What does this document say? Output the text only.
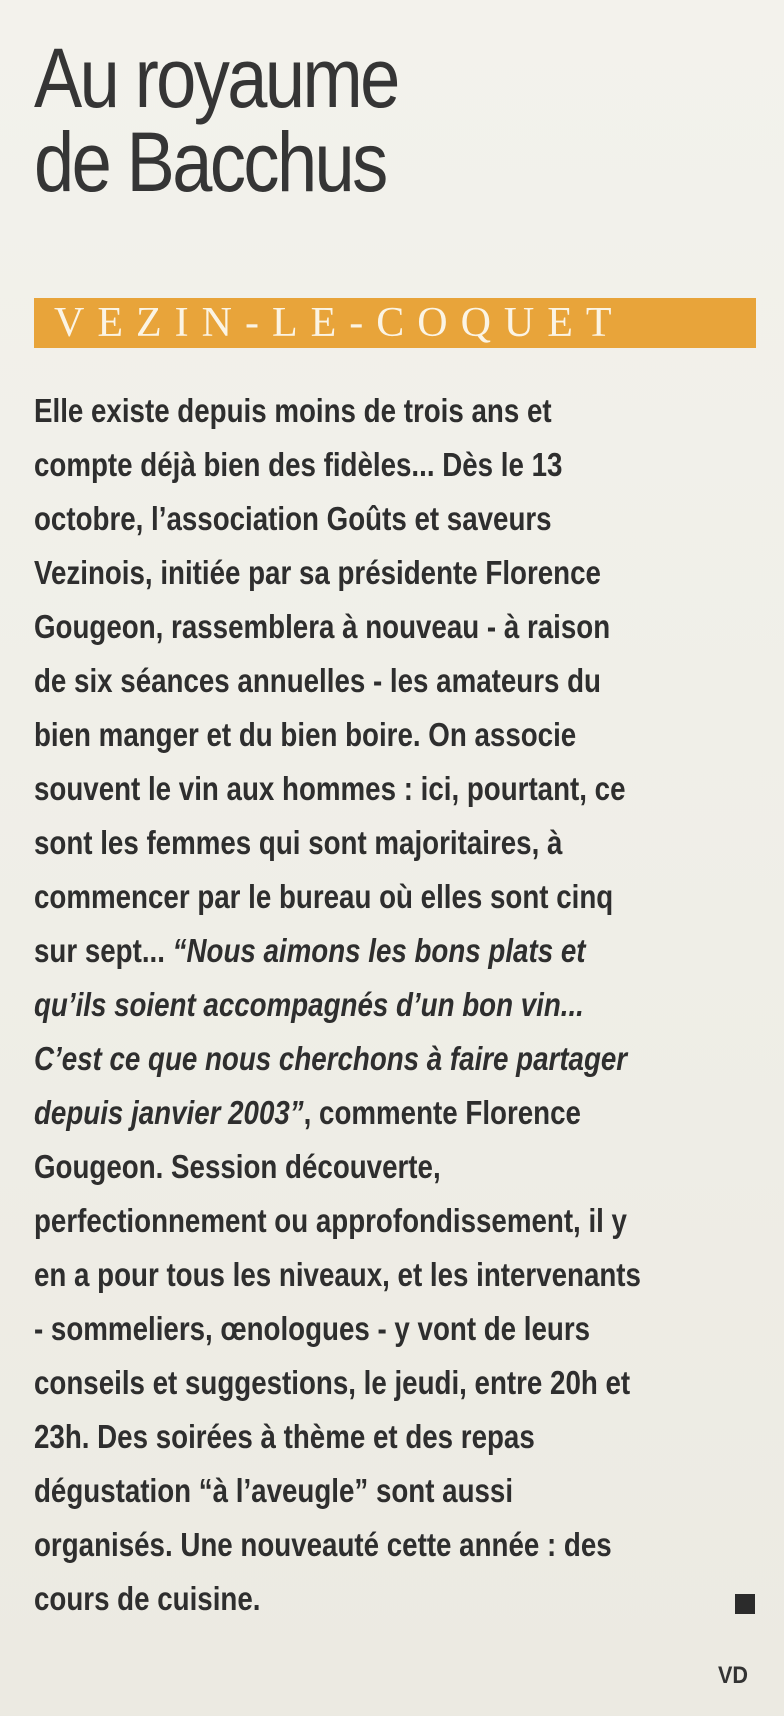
Au royaume
de Bacchus
VEZIN-LE-COQUET

Elle existe depuis moins de trois ans et
compte déjà bien des fidèles... Dès le 13
octobre, l’association Goûts et saveurs
Vezinois, initiée par sa présidente Florence
Gougeon, rassemblera à nouveau - à raison
de six séances annuelles - les amateurs du
bien manger et du bien boire. On associe
souvent le vin aux hommes : ici, pourtant, ce
sont les femmes qui sont majoritaires, à
commencer par le bureau où elles sont cinq
sur sept... “Nous aimons les bons plats et
qu’ils soient accompagnés d’un bon vin...
C’est ce que nous cherchons à faire partager
depuis janvier 2003”, commente Florence
Gougeon. Session découverte,
perfectionnement ou approfondissement, il y
en a pour tous les niveaux, et les intervenants
- sommeliers, œnologues - y vont de leurs
conseils et suggestions, le jeudi, entre 20h et
23h. Des soirées à thème et des repas
dégustation “à l’aveugle” sont aussi
organisés. Une nouveauté cette année : des
cours de cuisine.

VD
